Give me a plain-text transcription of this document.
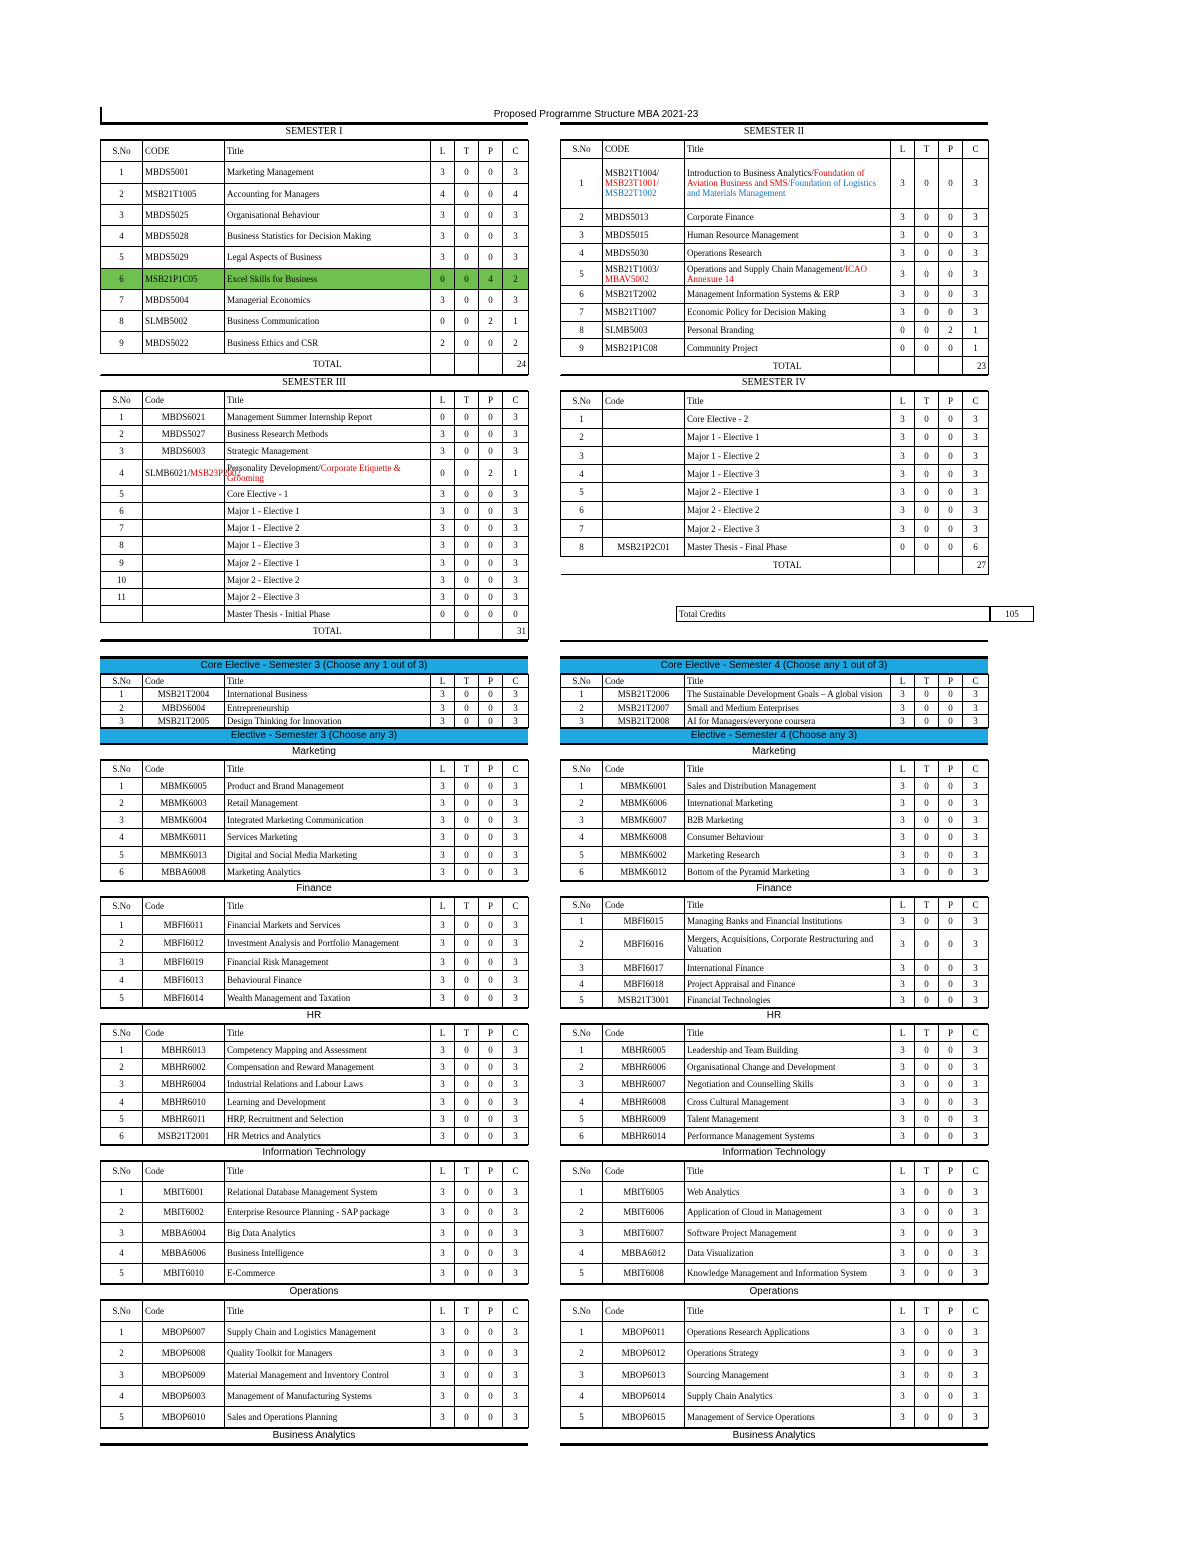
Proposed Programme Structure MBA 2021-23
SEMESTER I
S.No	CODE	Title	L	T	P	C
1	MBDS5001	Marketing Management	3	0	0	3
2	MSB21T1005	Accounting for Managers	4	0	0	4
3	MBDS5025	Organisational Behaviour	3	0	0	3
4	MBDS5028	Business Statistics for Decision Making	3	0	0	3
5	MBDS5029	Legal Aspects of Business	3	0	0	3
6	MSB21P1C05	Excel Skills for Business	0	0	4	2
7	MBDS5004	Managerial Economics	3	0	0	3
8	SLMB5002	Business Communication	0	0	2	1
9	MBDS5022	Business Ethics and CSR	2	0	0	2
		TOTAL				24
SEMESTER III
S.No	Code	Title	L	T	P	C
1	MBDS6021	Management Summer Internship Report	0	0	0	3
2	MBDS5027	Business Research Methods	3	0	0	3
3	MBDS6003	Strategic Management	3	0	0	3
4	SLMB6021/MSB23P2002	Personality Development/Corporate Etiquette & Grooming	0	0	2	1
5		Core Elective - 1	3	0	0	3
6		Major 1 - Elective 1	3	0	0	3
7		Major 1 - Elective 2	3	0	0	3
8		Major 1 - Elective 3	3	0	0	3
9		Major 2 - Elective 1	3	0	0	3
10		Major 2 - Elective 2	3	0	0	3
11		Major 2 - Elective 3	3	0	0	3
		Master Thesis - Initial Phase	0	0	0	0
		TOTAL				31
SEMESTER II
S.No	CODE	Title	L	T	P	C
1	MSB21T1004/
MSB23T1001/
MSB22T1002	Introduction to Business Analytics/Foundation of Aviation Business and SMS/Foundation of Logistics and Materials Management	3	0	0	3
2	MBDS5013	Corporate Finance	3	0	0	3
3	MBDS5015	Human Resource Management	3	0	0	3
4	MBDS5030	Operations Research	3	0	0	3
5	MSB21T1003/
MBAV5002	Operations and Supply Chain Management/ICAO Annexure 14	3	0	0	3
6	MSB21T2002	Management Information Systems & ERP	3	0	0	3
7	MSB21T1007	Economic Policy for Decision Making	3	0	0	3
8	SLMB5003	Personal Branding	0	0	2	1
9	MSB21P1C08	Community Project	0	0	0	1
		TOTAL				23
SEMESTER IV
S.No	Code	Title	L	T	P	C
1		Core Elective - 2	3	0	0	3
2		Major 1 - Elective 1	3	0	0	3
3		Major 1 - Elective 2	3	0	0	3
4		Major 1 - Elective 3	3	0	0	3
5		Major 2 - Elective 1	3	0	0	3
6		Major 2 - Elective 2	3	0	0	3
7		Major 2 - Elective 3	3	0	0	3
8	MSB21P2C01	Master Thesis - Final Phase	0	0	0	6
		TOTAL				27
Total Credits	105
Core Elective - Semester 3 (Choose any 1 out of 3)
S.No	Code	Title	L	T	P	C
1	MSB21T2004	International Business	3	0	0	3
2	MBDS6004	Entrepreneurship	3	0	0	3
3	MSB21T2005	Design Thinking for Innovation	3	0	0	3
Elective - Semester 3 (Choose any 3)
Marketing
S.No	Code	Title	L	T	P	C
1	MBMK6005	Product and Brand Management	3	0	0	3
2	MBMK6003	Retail Management	3	0	0	3
3	MBMK6004	Integrated Marketing Communication	3	0	0	3
4	MBMK6011	Services Marketing	3	0	0	3
5	MBMK6013	Digital and Social Media Marketing	3	0	0	3
6	MBBA6008	Marketing Analytics	3	0	0	3
Finance
S.No	Code	Title	L	T	P	C
1	MBFI6011	Financial Markets and Services	3	0	0	3
2	MBFI6012	Investment Analysis and Portfolio Management	3	0	0	3
3	MBFI6019	Financial Risk Management	3	0	0	3
4	MBFI6013	Behavioural Finance	3	0	0	3
5	MBFI6014	Wealth Management and Taxation	3	0	0	3
HR
S.No	Code	Title	L	T	P	C
1	MBHR6013	Competency Mapping and Assessment	3	0	0	3
2	MBHR6002	Compensation and Reward Management	3	0	0	3
3	MBHR6004	Industrial Relations and Labour Laws	3	0	0	3
4	MBHR6010	Learning and Development	3	0	0	3
5	MBHR6011	HRP, Recruitment and Selection	3	0	0	3
6	MSB21T2001	HR Metrics and Analytics	3	0	0	3
Information Technology
S.No	Code	Title	L	T	P	C
1	MBIT6001	Relational Database Management System	3	0	0	3
2	MBIT6002	Enterprise Resource Planning - SAP package	3	0	0	3
3	MBBA6004	Big Data Analytics	3	0	0	3
4	MBBA6006	Business Intelligence	3	0	0	3
5	MBIT6010	E-Commerce	3	0	0	3
Operations
S.No	Code	Title	L	T	P	C
1	MBOP6007	Supply Chain and Logistics Management	3	0	0	3
2	MBOP6008	Quality Toolkit for Managers	3	0	0	3
3	MBOP6009	Material Management and Inventory Control	3	0	0	3
4	MBOP6003	Management of Manufacturing Systems	3	0	0	3
5	MBOP6010	Sales and Operations Planning	3	0	0	3
Business Analytics
Core Elective - Semester 4 (Choose any 1 out of 3)
S.No	Code	Title	L	T	P	C
1	MSB21T2006	The Sustainable Development Goals – A global vision	3	0	0	3
2	MSB21T2007	Small and Medium Enterprises	3	0	0	3
3	MSB21T2008	AI for Managers/everyone coursera	3	0	0	3
Elective - Semester 4 (Choose any 3)
Marketing
S.No	Code	Title	L	T	P	C
1	MBMK6001	Sales and Distribution Management	3	0	0	3
2	MBMK6006	International Marketing	3	0	0	3
3	MBMK6007	B2B Marketing	3	0	0	3
4	MBMK6008	Consumer Behaviour	3	0	0	3
5	MBMK6002	Marketing Research	3	0	0	3
6	MBMK6012	Bottom of the Pyramid Marketing	3	0	0	3
Finance
S.No	Code	Title	L	T	P	C
1	MBFI6015	Managing Banks and Financial Institutions	3	0	0	3
2	MBFI6016	Mergers, Acquisitions, Corporate Restructuring and Valuation	3	0	0	3
3	MBFI6017	International Finance	3	0	0	3
4	MBFI6018	Project Appraisal and Finance	3	0	0	3
5	MSB21T3001	Financial Technologies	3	0	0	3
HR
S.No	Code	Title	L	T	P	C
1	MBHR6005	Leadership and Team Building	3	0	0	3
2	MBHR6006	Organisational Change and Development	3	0	0	3
3	MBHR6007	Negotiation and Counselling Skills	3	0	0	3
4	MBHR6008	Cross Cultural Management	3	0	0	3
5	MBHR6009	Talent Management	3	0	0	3
6	MBHR6014	Performance Management Systems	3	0	0	3
Information Technology
S.No	Code	Title	L	T	P	C
1	MBIT6005	Web Analytics	3	0	0	3
2	MBIT6006	Application of Cloud in Management	3	0	0	3
3	MBIT6007	Software Project Management	3	0	0	3
4	MBBA6012	Data Visualization	3	0	0	3
5	MBIT6008	Knowledge Management and Information System	3	0	0	3
Operations
S.No	Code	Title	L	T	P	C
1	MBOP6011	Operations Research Applications	3	0	0	3
2	MBOP6012	Operations Strategy	3	0	0	3
3	MBOP6013	Sourcing Management	3	0	0	3
4	MBOP6014	Supply Chain Analytics	3	0	0	3
5	MBOP6015	Management of Service Operations	3	0	0	3
Business Analytics
